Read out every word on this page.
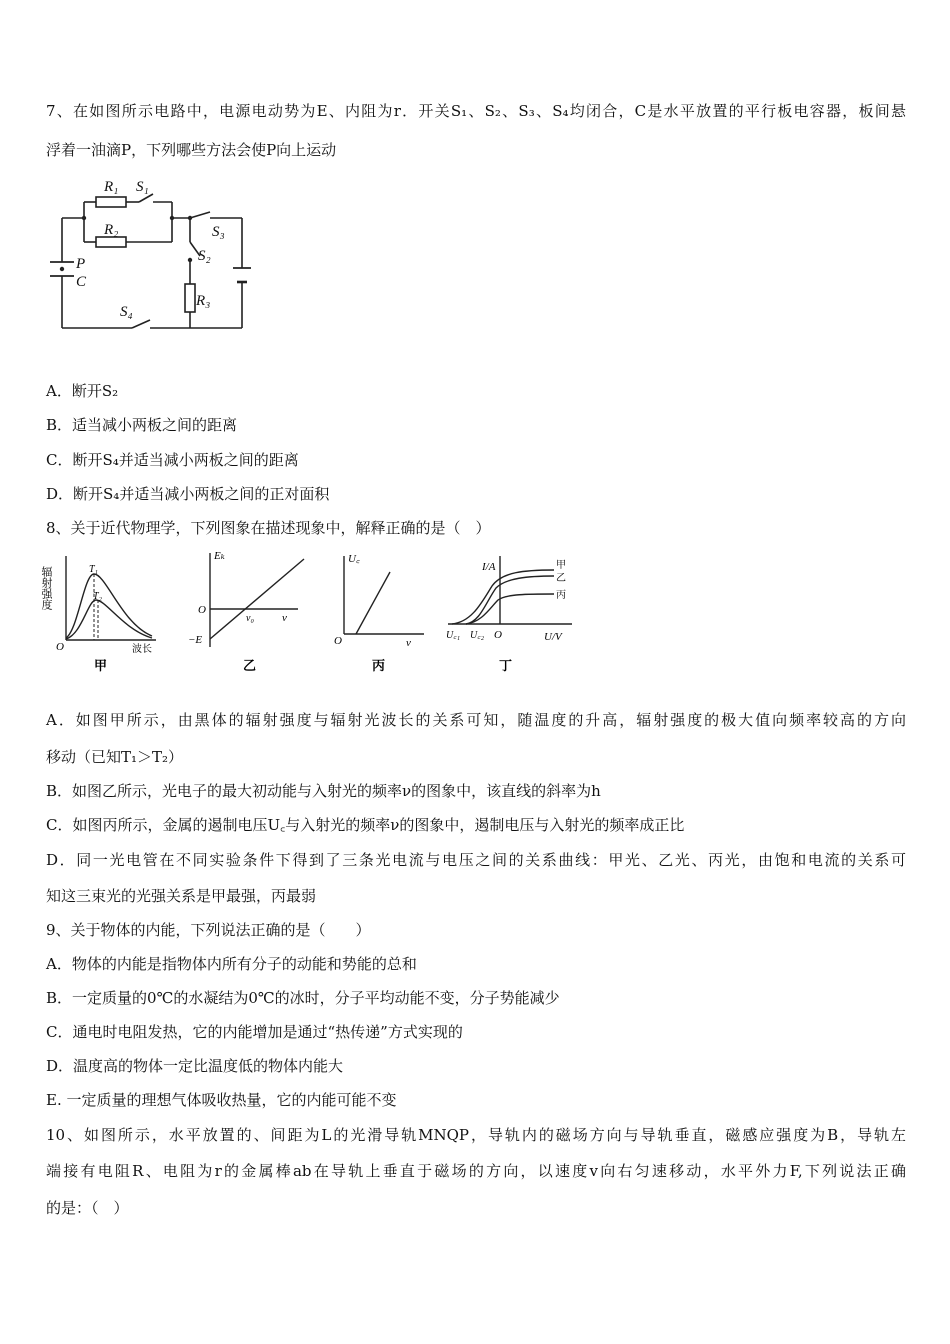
7、在如图所示电路中，电源电动势为E、内阻为r．开关S₁、S₂、S₃、S₄均闭合，C是水平放置的平行板电容器，板间悬
浮着一油滴P，下列哪些方法会使P向上运动
R₁ S₁
R₂	S₃
S₂
P
C
R₃
S₄
A．断开S₂
B．适当减小两板之间的距离
C．断开S₄并适当减小两板之间的距离
D．断开S₄并适当减小两板之间的正对面积
8、关于近代物理学，下列图象在描述现象中，解释正确的是（　）
辐射强度	T₁
T₂
O	波长
甲
Eₖ
O
−E
ν₀	ν
乙
U꜀
O	ν
丙
I/A	甲
乙
丙
U꜀₁ U꜀₂ O	U/V
丁
A．如图甲所示，由黑体的辐射强度与辐射光波长的关系可知，随温度的升高，辐射强度的极大值向频率较高的方向
移动（已知T₁＞T₂）
B．如图乙所示，光电子的最大初动能与入射光的频率ν的图象中，该直线的斜率为h
C．如图丙所示，金属的遏制电压U꜀与入射光的频率ν的图象中，遏制电压与入射光的频率成正比
D．同一光电管在不同实验条件下得到了三条光电流与电压之间的关系曲线：甲光、乙光、丙光，由饱和电流的关系可
知这三束光的光强关系是甲最强，丙最弱
9、关于物体的内能，下列说法正确的是（　　）
A．物体的内能是指物体内所有分子的动能和势能的总和
B．一定质量的0℃的水凝结为0℃的冰时，分子平均动能不变，分子势能减少
C．通电时电阻发热，它的内能增加是通过“热传递”方式实现的
D．温度高的物体一定比温度低的物体内能大
E. 一定质量的理想气体吸收热量，它的内能可能不变
10、如图所示，水平放置的、间距为L的光滑导轨MNQP，导轨内的磁场方向与导轨垂直，磁感应强度为B，导轨左
端接有电阻R、电阻为r的金属棒ab在导轨上垂直于磁场的方向，以速度v向右匀速移动，水平外力F,下列说法正确
的是：（　）
